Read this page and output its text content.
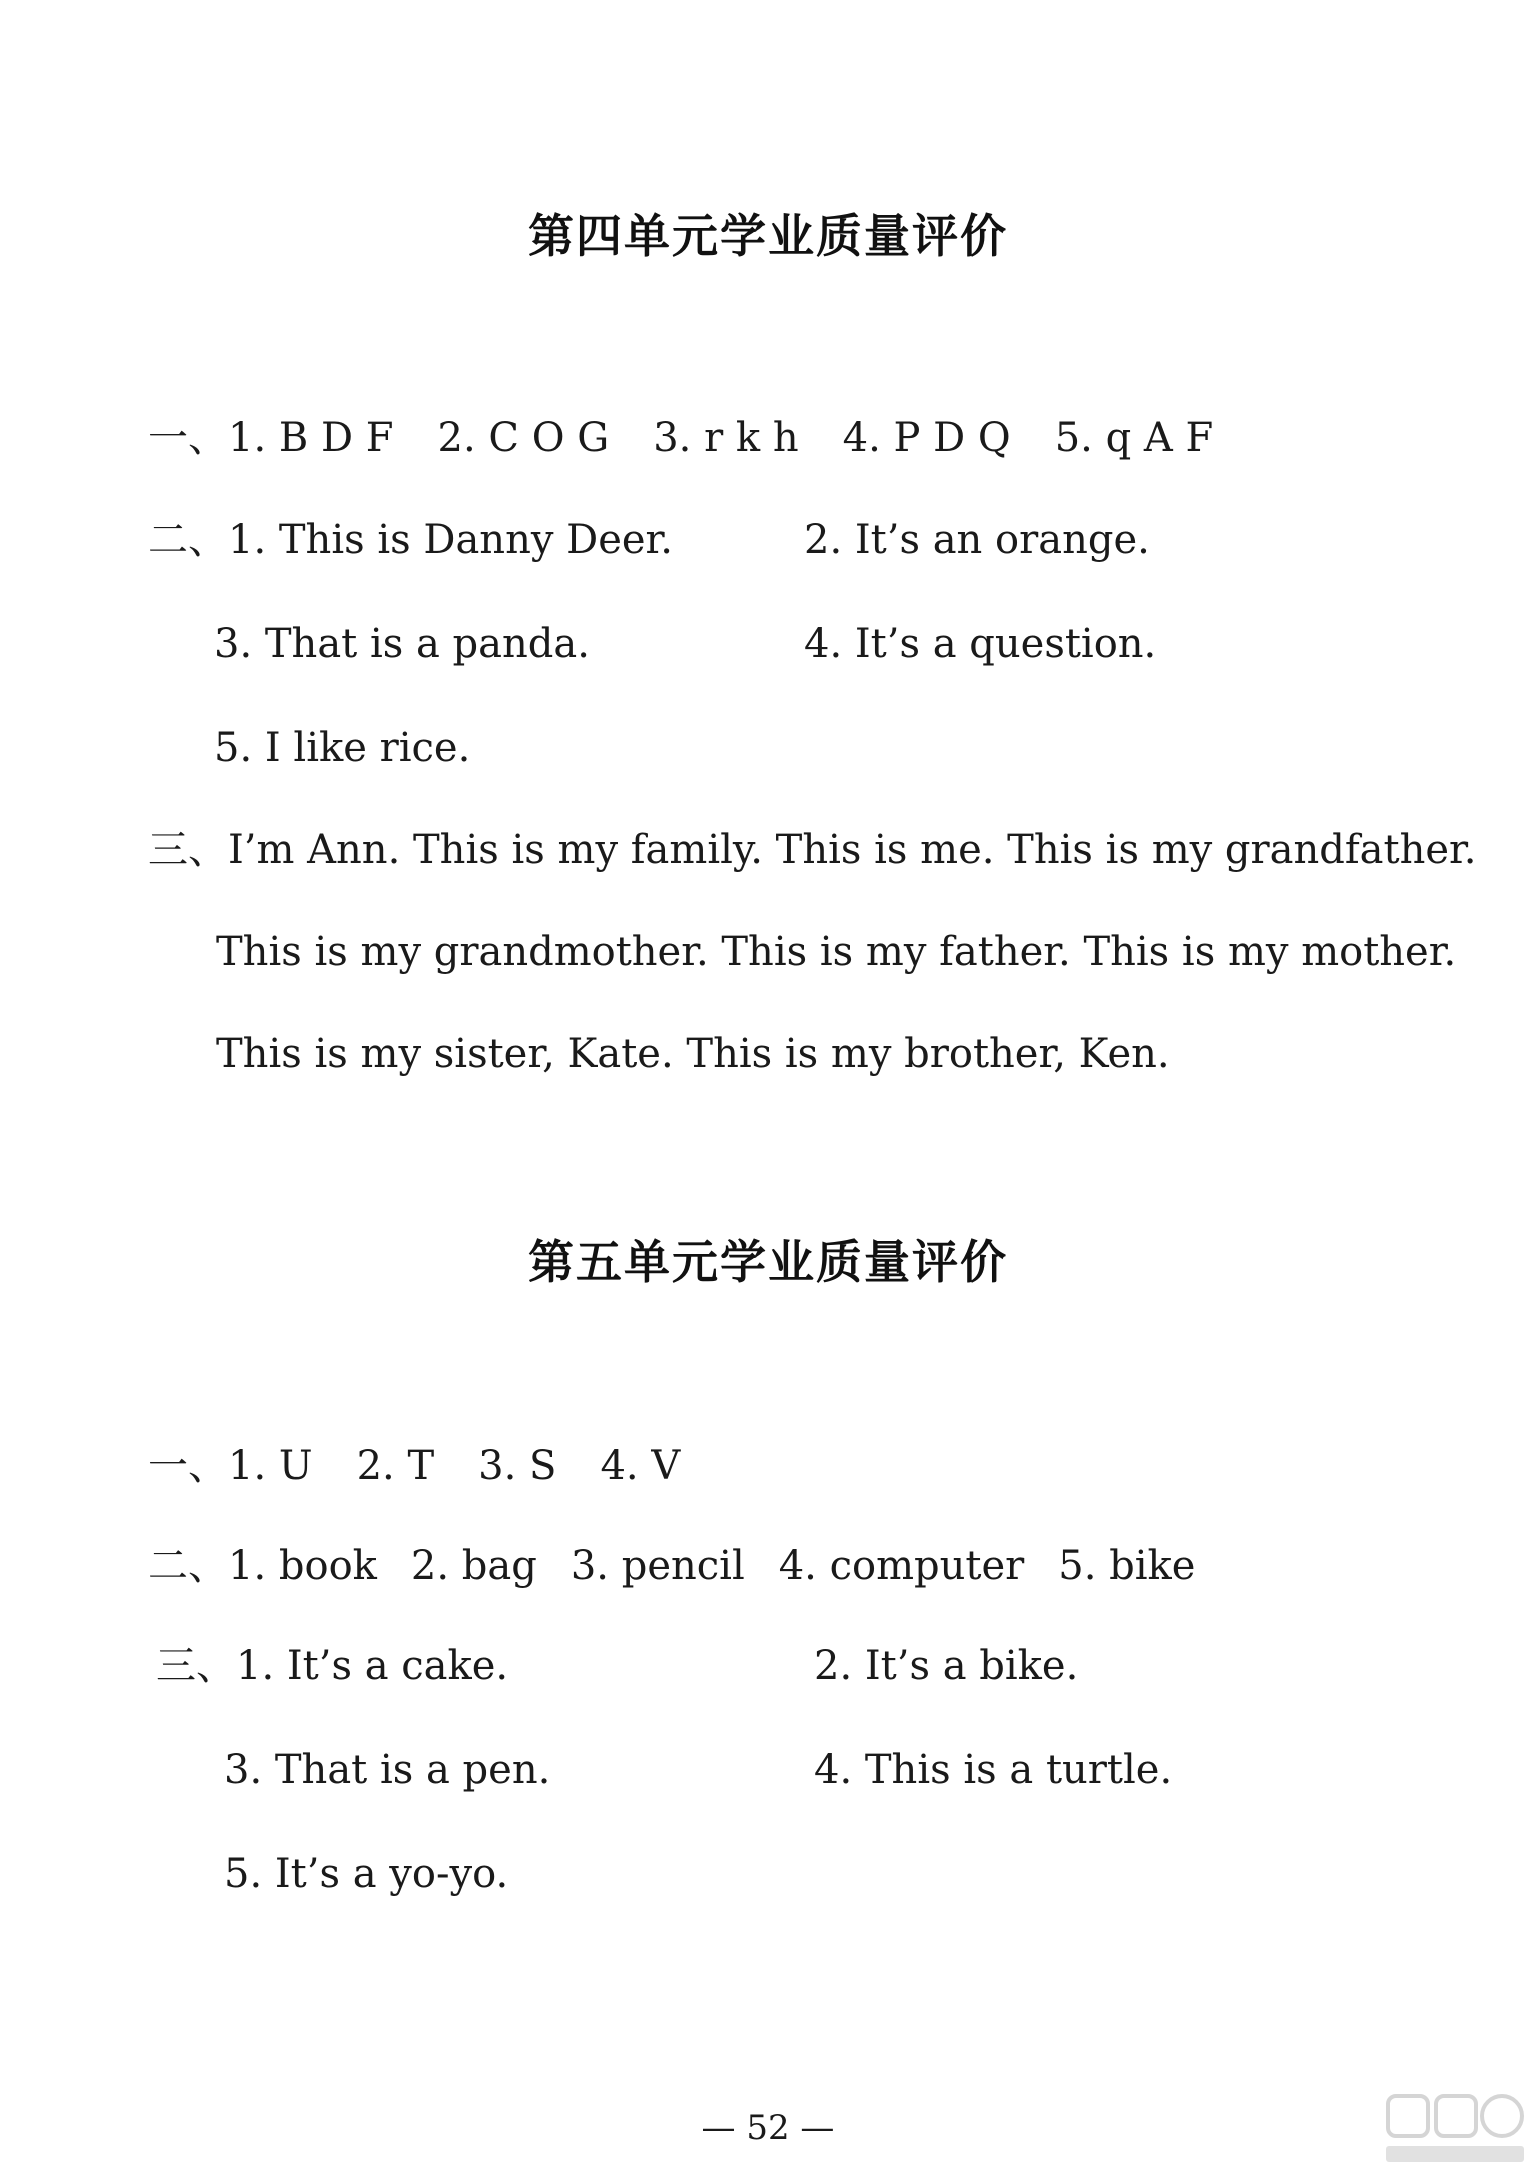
第四单元学业质量评价
一、1. B D F 2. C O G 3. r k h 4. P D Q 5. q A F
二、1. This is Danny Deer.	2. It’s an orange.
3. That is a panda.	4. It’s a question.
5. I like rice.
三、I’m Ann. This is my family. This is me. This is my grandfather.
This is my grandmother. This is my father. This is my mother.
This is my sister, Kate. This is my brother, Ken.
第五单元学业质量评价
一、1. U 2. T 3. S 4. V
二、1. book 2. bag 3. pencil 4. computer 5. bike
三、1. It’s a cake.	2. It’s a bike.
3. That is a pen.	4. This is a turtle.
5. It’s a yo-yo.
— 52 —
